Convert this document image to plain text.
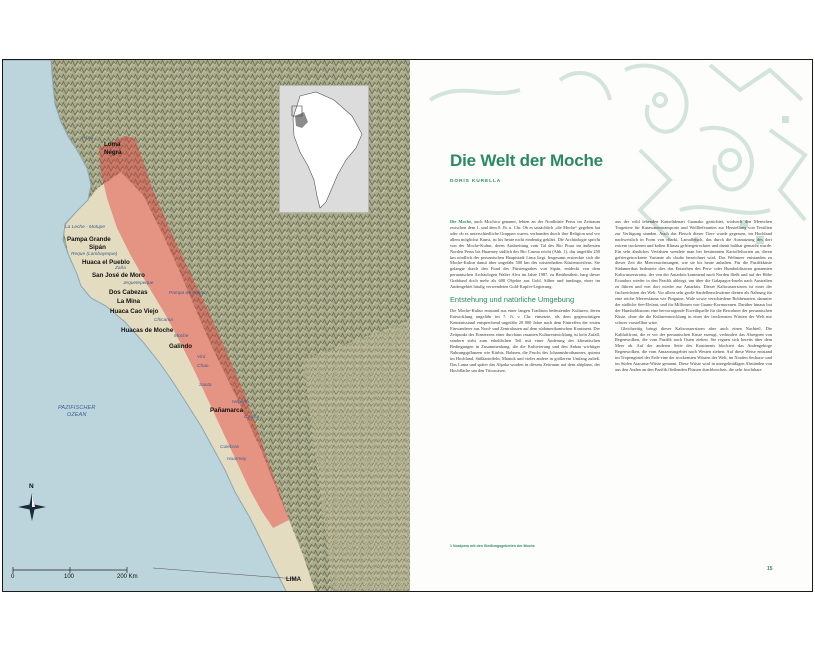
Piura
Loma
Negra
La Leche - Motupe
Pampa Grande
Sipán
Reque (Lambayeque)
Huaca el Pueblo
Zaña
San José de Moro
Jequetepeque
Dos Cabezas
La Mina
Pampa de Paiján
Huaca Cao Viejo
Chicama
Huacas de Moche
Moche
Galindo
Virú
Chao
Santa
Nepeña
Pañamarca
Casma
Culebras
Huarmey
LIMA
PAZIFISCHER
OZEAN
N
0	100	200 Km
Die Welt der Moche
DORIS KURELLA

Die Moche, auch Mochica genannt, lebten an der Nordküste Perus im Zeitraum zwischen dem 1. und dem 8. Jh. n. Chr. Ob es tatsächlich „die Moche“ gegeben hat oder ob es unterschiedliche Gruppen waren, verbunden durch ihre Religion und vor allem möglichst Kunst, ist bis heute nicht eindeutig geklärt. Die Archäologie spricht von der Moche-Kultur, deren Ausbreitung vom Tal des Río Piura im äußersten Norden Perus bis Huarmey südlich des Río Casma reicht (Abb. 1), das ungefähr 250 km nördlich der peruanischen Hauptstadt Lima liegt. Insgesamt erstreckte sich die Moche-Kultur damit über ungefähr 500 km des wüstenhaften Küstenstreifens. Sie gelangte durch den Fund des Fürstengrabes von Sipán, entdeckt von dem peruanischen Archäologen Walter Alva im Jahre 1987, zu Berühmtheit, barg dieser Grabfund doch mehr als 600 Objekte aus Gold, Silber und tumbaga, einer im Andengebiet häufig verwendeten Gold-Kupfer-Legierung.

Entstehung und natürliche Umgebung

Die Moche-Kultur entstand aus einer langen Tradition bedeutender Kulturen, deren Entwicklung ungefähr im 7. Jt. v. Chr. einsetzte, als dem gegenwärtigen Kenntnisstand entsprechend ungefähr 20 000 Jahre nach dem Eintreffen der ersten Einwanderer aus Nord- und Zentralasien auf dem südamerikanischen Kontinent. Der Zeitpunkt des Einsetzens einer durchaus rasanten Kulturentwicklung ist kein Zufall, sondern steht zum erheblichen Teil mit einer Änderung der klimatischen Bedingungen in Zusammenhang, die die Kultivierung und den Anbau wichtiger Nahrungspflanzen wie Kürbis, Bohnen, die Frucht des Johannisbrotbaumes, quinoa im Hochland, Süßkartoffeln, Maniok und vieles andere in größerem Umfang zuließ. Das Lama und später das Alpaka wurden in diesem Zeitraum auf dem altiplano, der Hochfläche um den Titicacasee,

aus der wild lebenden Kamelidenart Guanako gezüchtet, wodurch den Menschen Tragetiere für Karawanentransporte und Wolllieferanten zur Herstellung von Textilien zur Verfügung standen. Auch das Fleisch dieser Tiere wurde gegessen, im Hochland nachweislich in Form von charki, Lamafleisch, das durch die Ausnutzung des dort extrem trockenen und kalten Klimas gefriergetrocknet und damit haltbar gemacht wurde. Ein sehr ähnliches Verfahren wendete man bei bestimmten Kartoffelsorten an, deren gefriergetrocknete Variante als chuño bezeichnet wird. Das Weltmeer entstanden zu dieser Zeit die Meeresströmungen, wie sie bis heute anhalten. Für die Pazifikküste Südamerikas bedeutete dies das Entstehen des Peru- oder Humboldtstrom genannten Kaltwasserstroms, der von der Antarktis kommend nach Norden fließt und auf der Höhe Ecuadors wieder in den Pazifik abbiegt, um über die Galapagos-Inseln nach Australien zu führen und von dort wieder zur Antarktis. Dieser Kaltwasserstrom ist einer der fischreichsten der Welt. Vor allem sehr große Sardellenschwärme dienen als Nahrung für eine reiche Meeresfauna wie Pinguine, Wale sowie verschiedene Robbenarten, darunter der südliche See-Elefant, und für Millionen von Guano-Kormoranen. Darüber hinaus bot der Humboldtstrom eine hervorragende Eiweißquelle für die Bewohner der peruanischen Küste, ohne die die Kulturentwicklung in einer der trockensten Wüsten der Welt nur schwer vorstellbar wäre.

Gleichzeitig bringt dieser Kaltwasserstrom aber auch einen Nachteil. Die Kaltluftfront, die er vor der peruanischen Küste erzeugt, verhindert das Abregnen von Regenwolken, die vom Pazifik nach Osten ziehen. Sie regnen sich bereits über dem Meer ab. Auf der anderen Seite des Kontinents blockiert das Andengebirge Regenwolken, die vom Amazonasgebiet nach Westen ziehen. Auf diese Weise entstand im Tropengürtel der Erde eine der trockensten Wüsten der Welt, im Norden Sechura- und im Süden Atacama-Wüste genannt. Diese Wüste wird in unregelmäßigen Abständen von aus den Anden an den Pazifik fließenden Flüssen durchbrochen, die sehr fruchtbare

1 Nordperu mit den Siedlungsgebieten der Moche
15
